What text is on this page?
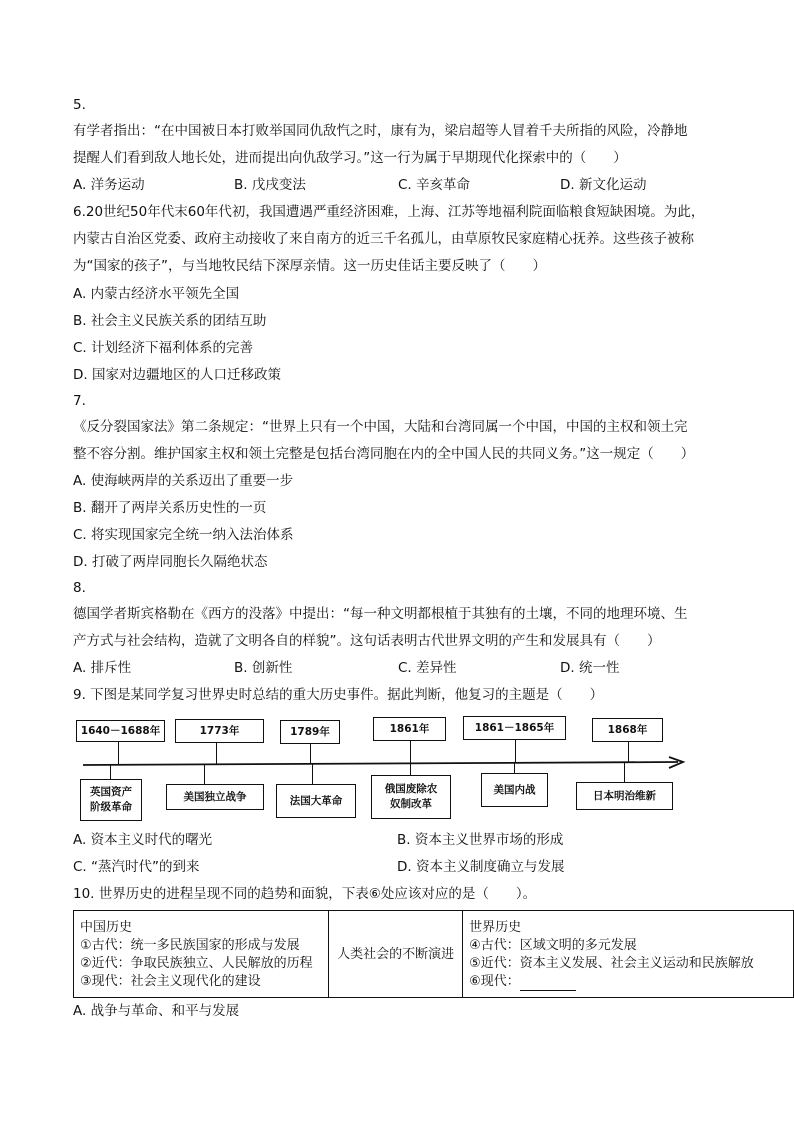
5.
有学者指出：“在中国被日本打败举国同仇敌忾之时，康有为，梁启超等人冒着千夫所指的风险，冷静地
提醒人们看到敌人地长处，进而提出向仇敌学习。”这一行为属于早期现代化探索中的（　　）
A. 洋务运动	B. 戊戌变法	C. 辛亥革命	D. 新文化运动
6.20世纪50年代末60年代初，我国遭遇严重经济困难，上海、江苏等地福利院面临粮食短缺困境。为此，
内蒙古自治区党委、政府主动接收了来自南方的近三千名孤儿，由草原牧民家庭精心抚养。这些孩子被称
为“国家的孩子”，与当地牧民结下深厚亲情。这一历史佳话主要反映了（　　）
A. 内蒙古经济水平领先全国
B. 社会主义民族关系的团结互助
C. 计划经济下福利体系的完善
D. 国家对边疆地区的人口迁移政策
7.
《反分裂国家法》第二条规定：“世界上只有一个中国，大陆和台湾同属一个中国，中国的主权和领土完
整不容分割。维护国家主权和领土完整是包括台湾同胞在内的全中国人民的共同义务。”这一规定（　　）
A. 使海峡两岸的关系迈出了重要一步
B. 翻开了两岸关系历史性的一页
C. 将实现国家完全统一纳入法治体系
D. 打破了两岸同胞长久隔绝状态
8.
德国学者斯宾格勒在《西方的没落》中提出：“每一种文明都根植于其独有的土壤，不同的地理环境、生
产方式与社会结构，造就了文明各自的样貌”。这句话表明古代世界文明的产生和发展具有（　　）
A. 排斥性	B. 创新性	C. 差异性	D. 统一性
9. 下图是某同学复习世界史时总结的重大历史事件。据此判断，他复习的主题是（　　）
1640－1688年	1773年	1789年	1861年	1861－1865年	1868年
英国资产
阶级革命
美国独立战争	法国大革命
俄国废除农
奴制改革
美国内战	日本明治维新
A. 资本主义时代的曙光	B. 资本主义世界市场的形成
C. “蒸汽时代”的到来	D. 资本主义制度确立与发展
10. 世界历史的进程呈现不同的趋势和面貌，下表⑥处应该对应的是（　　）。
中国历史
①古代：统一多民族国家的形成与发展
②近代：争取民族独立、人民解放的历程
③现代：社会主义现代化的建设
	人类社会的不断演进	
世界历史
④古代：区域文明的多元发展
⑤近代：资本主义发展、社会主义运动和民族解放
⑥现代：
A. 战争与革命、和平与发展
